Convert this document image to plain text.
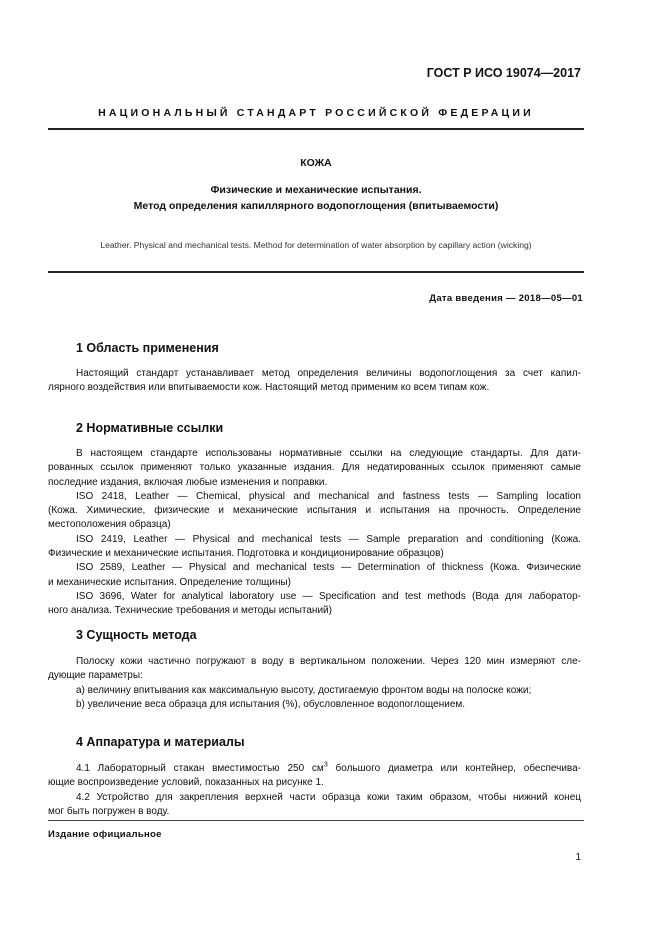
ГОСТ Р ИСО 19074—2017
НАЦИОНАЛЬНЫЙ СТАНДАРТ РОССИЙСКОЙ ФЕДЕРАЦИИ
КОЖА
Физические и механические испытания.
Метод определения капиллярного водопоглощения (впитываемости)
Leather. Physical and mechanical tests. Method for determination of water absorption by capillary action (wicking)
Дата введения — 2018—05—01
1 Область применения
Настоящий стандарт устанавливает метод определения величины водопоглощения за счет капил-
лярного воздействия или впитываемости кож. Настоящий метод применим ко всем типам кож.
2 Нормативные ссылки
В настоящем стандарте использованы нормативные ссылки на следующие стандарты. Для дати-
рованных ссылок применяют только указанные издания. Для недатированных ссылок применяют самые
последние издания, включая любые изменения и поправки.
ISO 2418, Leather — Chemical, physical and mechanical and fastness tests — Sampling location
(Кожа. Химические, физические и механические испытания и испытания на прочность. Определение
местоположения образца)
ISO 2419, Leather — Physical and mechanical tests — Sample preparation and conditioning (Кожа.
Физические и механические испытания. Подготовка и кондиционирование образцов)
ISO 2589, Leather — Physical and mechanical tests — Determination of thickness (Кожа. Физические
и механические испытания. Определение толщины)
ISO 3696, Water for analytical laboratory use — Specification and test methods (Вода для лаборатор-
ного анализа. Технические требования и методы испытаний)
3 Сущность метода
Полоску кожи частично погружают в воду в вертикальном положении. Через 120 мин измеряют сле-
дующие параметры:
a) величину впитывания как максимальную высоту, достигаемую фронтом воды на полоске кожи;
b) увеличение веса образца для испытания (%), обусловленное водопоглощением.
4 Аппаратура и материалы
4.1 Лабораторный стакан вместимостью 250 $см^3$ большого диаметра или контейнер, обеспечива-
ющие воспроизведение условий, показанных на рисунке 1.
4.2 Устройство для закрепления верхней части образца кожи таким образом, чтобы нижний конец
мог быть погружен в воду.
Издание официальное
1
